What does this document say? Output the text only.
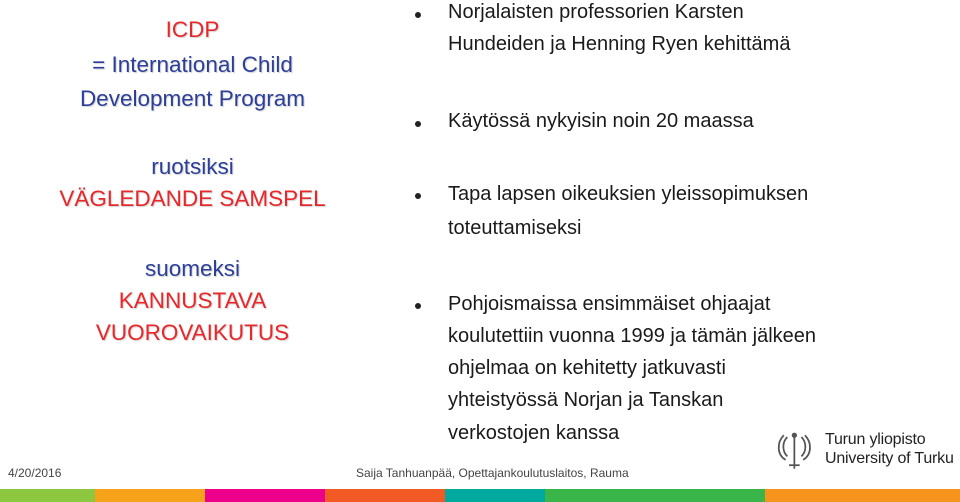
ICDP
= International Child
Development Program
ruotsiksi
VÄGLEDANDE SAMSPEL
suomeksi
KANNUSTAVA
VUOROVAIKUTUS
Norjalaisten professorien Karsten
Hundeiden ja Henning Ryen kehittämä
Käytössä nykyisin noin 20 maassa
Tapa lapsen oikeuksien yleissopimuksen
toteuttamiseksi
Pohjoismaissa ensimmäiset ohjaajat
koulutettiin vuonna 1999 ja tämän jälkeen
ohjelmaa on kehitetty jatkuvasti
yhteistyössä Norjan ja Tanskan
verkostojen kanssa
4/20/2016	Saija Tanhuanpää, Opettajankoulutuslaitos, Rauma
Turun yliopisto
University of Turku
